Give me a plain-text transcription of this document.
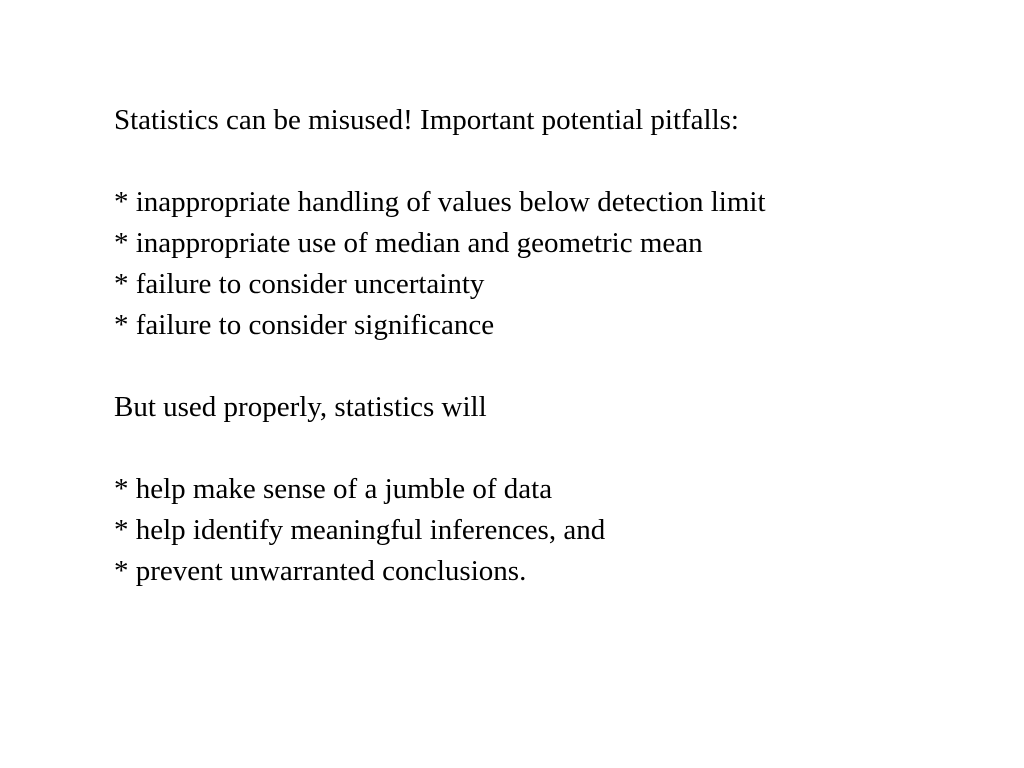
Statistics can be misused! Important potential pitfalls:

* inappropriate handling of values below detection limit

* inappropriate use of median and geometric mean

* failure to consider uncertainty

* failure to consider significance

But used properly, statistics will

* help make sense of a jumble of data

* help identify meaningful inferences, and

* prevent unwarranted conclusions.
